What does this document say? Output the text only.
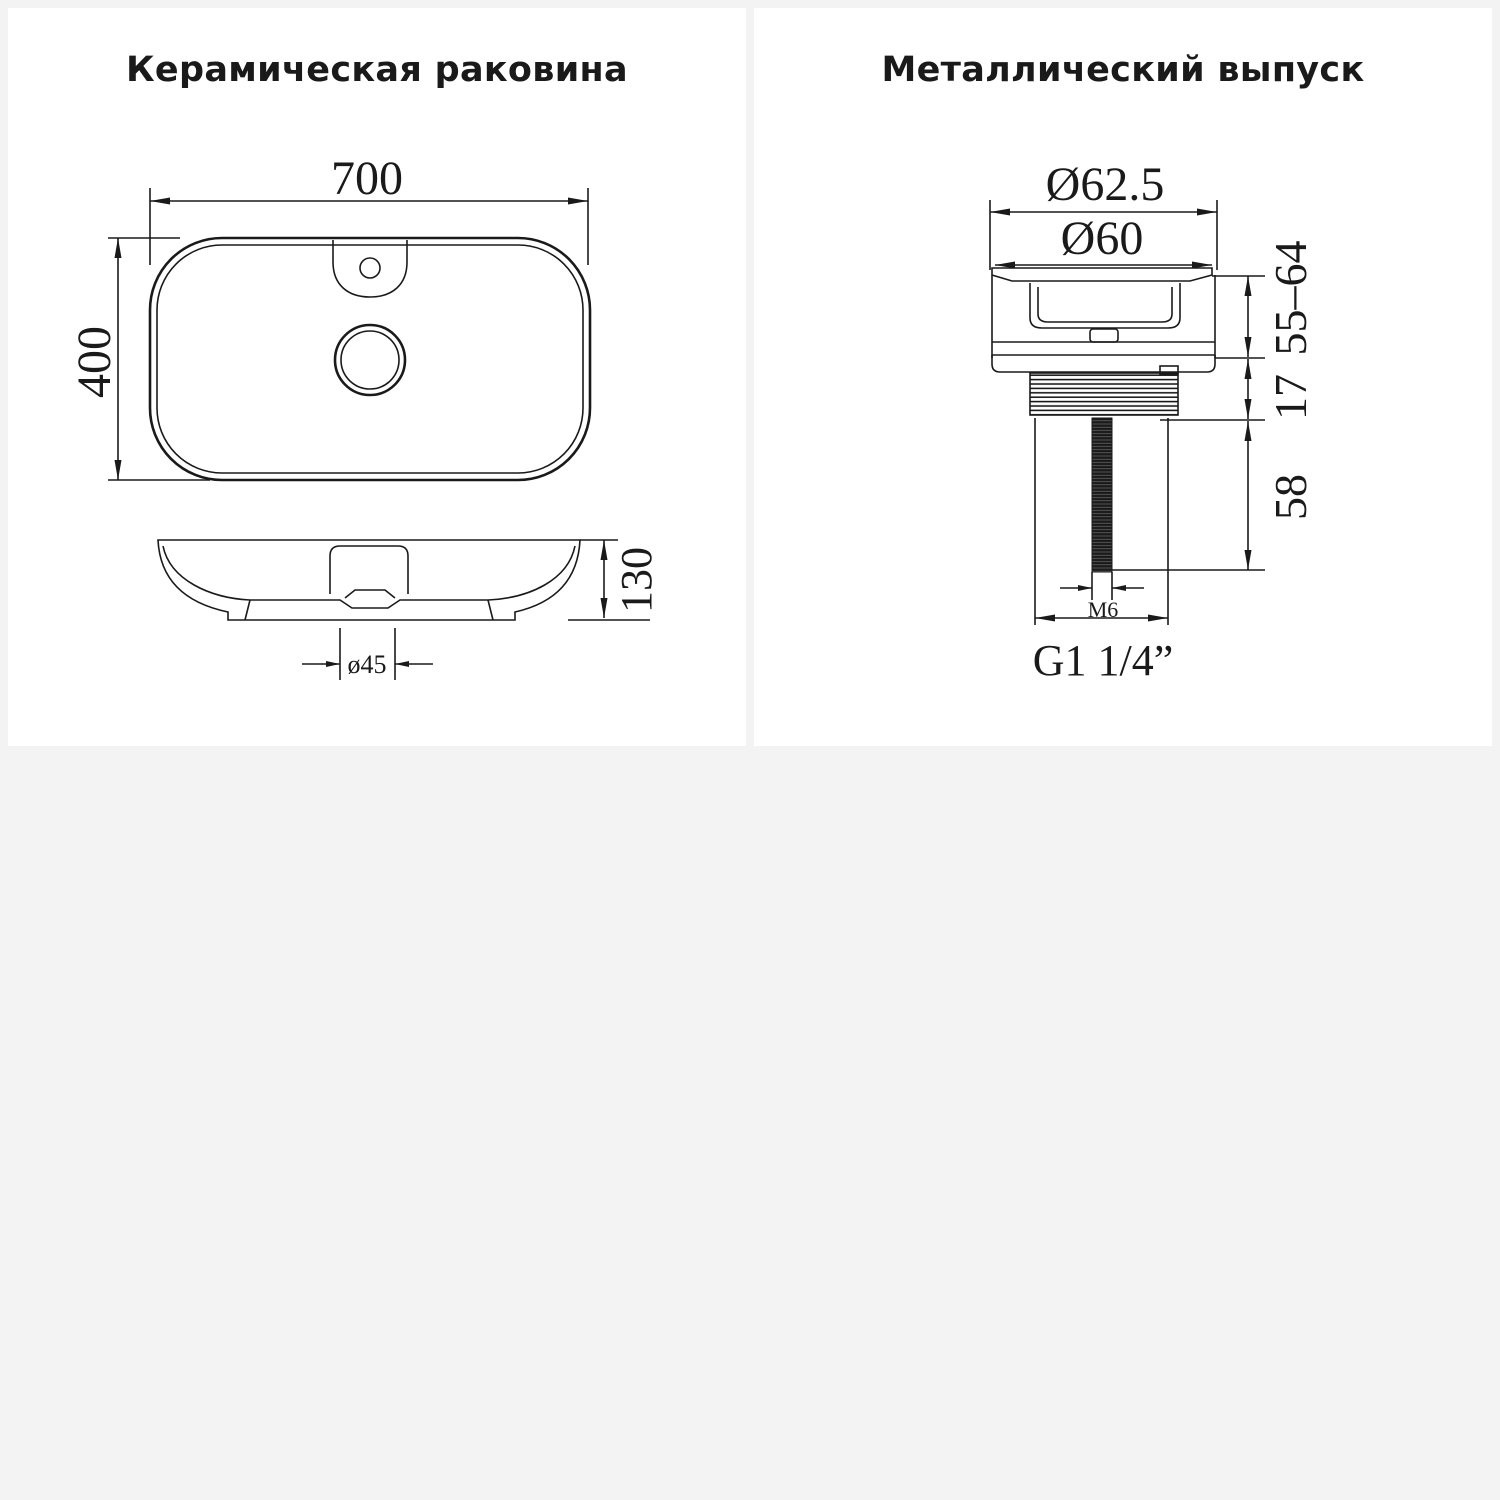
700
400
130
ø45
Керамическая раковина
Ø62.5
Ø60
55–64
17
58
M6
G1 1/4”
Металлический выпуск
